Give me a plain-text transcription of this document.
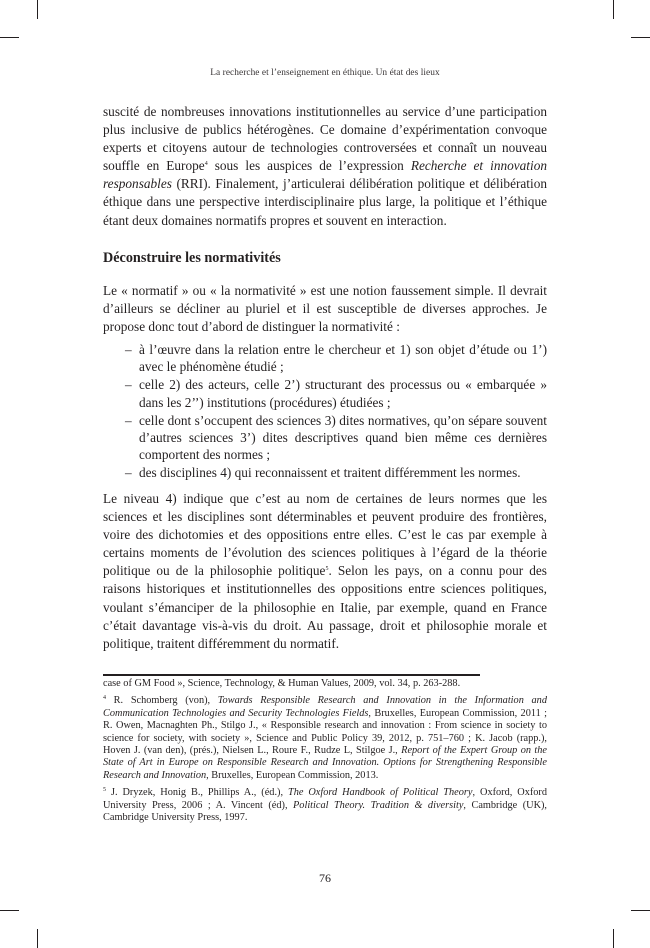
La recherche et l’enseignement en éthique. Un état des lieux

suscité de nombreuses innovations institutionnelles au service d’une participation plus inclusive de publics hétérogènes. Ce domaine d’expérimentation convoque experts et citoyens autour de technologies controversées et connaît un nouveau souffle en Europe$^4$ sous les auspices de l’expression Recherche et innovation responsables (RRI). Finalement, j’articulerai délibération politique et délibération éthique dans une perspective interdisciplinaire plus large, la politique et l’éthique étant deux domaines normatifs propres et souvent en interaction.

Déconstruire les normativités

Le « normatif » ou « la normativité » est une notion faussement simple. Il devrait d’ailleurs se décliner au pluriel et il est susceptible de diverses approches. Je propose donc tout d’abord de distinguer la normativité :

– à l’œuvre dans la relation entre le chercheur et 1) son objet d’étude ou 1’) avec le phénomène étudié ;
– celle 2) des acteurs, celle 2’) structurant des processus ou « embarquée » dans les 2’’) institutions (procédures) étudiées ;
– celle dont s’occupent des sciences 3) dites normatives, qu’on sépare souvent d’autres sciences 3’) dites descriptives quand bien même ces dernières comportent des normes ;
– des disciplines 4) qui reconnaissent et traitent différemment les normes.

Le niveau 4) indique que c’est au nom de certaines de leurs normes que les sciences et les disciplines sont déterminables et peuvent produire des frontières, voire des dichotomies et des oppositions entre elles. C’est le cas par exemple à certains moments de l’évolution des sciences politiques à l’égard de la théorie politique ou de la philosophie politique$^5$. Selon les pays, on a connu pour des raisons historiques et institutionnelles des oppositions entre sciences politiques, voulant s’émanciper de la philosophie en Italie, par exemple, quand en France c’était davantage vis-à-vis du droit. Au passage, droit et philosophie morale et politique, traitent différemment du normatif.

case of GM Food », Science, Technology, & Human Values, 2009, vol. 34, p. 263-288.

$^4$ R. Schomberg (von), Towards Responsible Research and Innovation in the Information and Communication Technologies and Security Technologies Fields, Bruxelles, European Commission, 2011 ; R. Owen, Macnaghten Ph., Stilgo J., « Responsible research and innovation : From science in society to science for society, with society », Science and Public Policy 39, 2012, p. 751–760 ; K. Jacob (rapp.), Hoven J. (van den), (prés.), Nielsen L., Roure F., Rudze L, Stilgoe J., Report of the Expert Group on the State of Art in Europe on Responsible Research and Innovation. Options for Strengthening Responsible Research and Innovation, Bruxelles, European Commission, 2013.

$^5$ J. Dryzek, Honig B., Phillips A., (éd.), The Oxford Handbook of Political Theory, Oxford, Oxford University Press, 2006 ; A. Vincent (éd), Political Theory. Tradition & diversity, Cambridge (UK), Cambridge University Press, 1997.

76
